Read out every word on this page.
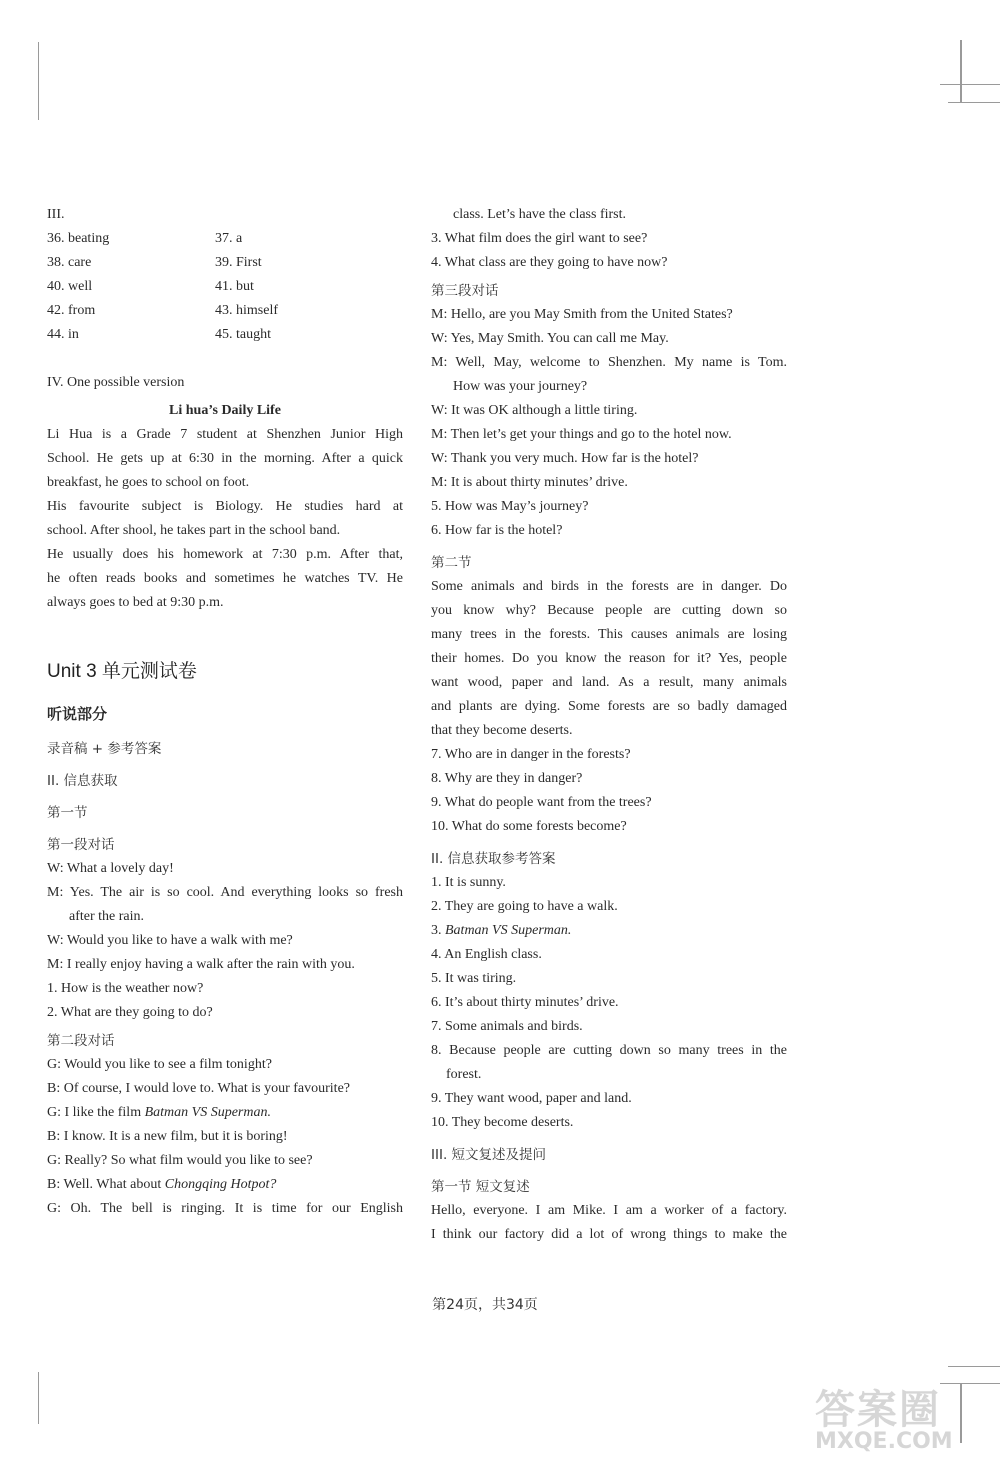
III.
36. beating	37. a
38. care	39. First
40. well	41. but
42. from	43. himself
44. in	45. taught
IV. One possible version
Li hua’s Daily Life
Li Hua is a Grade 7 student at Shenzhen Junior High
School. He gets up at 6:30 in the morning. After a quick
breakfast, he goes to school on foot.
His favourite subject is Biology. He studies hard at
school. After shool, he takes part in the school band.
He usually does his homework at 7:30 p.m. After that,
he often reads books and sometimes he watches TV. He
always goes to bed at 9:30 p.m.
Unit 3 单元测试卷
听说部分
录音稿 + 参考答案
II. 信息获取
第一节
第一段对话
W: What a lovely day!
M: Yes. The air is so cool. And everything looks so fresh
after the rain.
W: Would you like to have a walk with me?
M: I really enjoy having a walk after the rain with you.
1. How is the weather now?
2. What are they going to do?
第二段对话
G: Would you like to see a film tonight?
B: Of course, I would love to. What is your favourite?
G: I like the film Batman VS Superman.
B: I know. It is a new film, but it is boring!
G: Really? So what film would you like to see?
B: Well. What about Chongqing Hotpot?
G: Oh. The bell is ringing. It is time for our English
class. Let’s have the class first.
3. What film does the girl want to see?
4. What class are they going to have now?
第三段对话
M: Hello, are you May Smith from the United States?
W: Yes, May Smith. You can call me May.
M: Well, May, welcome to Shenzhen. My name is Tom.
How was your journey?
W: It was OK although a little tiring.
M: Then let’s get your things and go to the hotel now.
W: Thank you very much. How far is the hotel?
M: It is about thirty minutes’ drive.
5. How was May’s journey?
6. How far is the hotel?
第二节
Some animals and birds in the forests are in danger. Do
you know why? Because people are cutting down so
many trees in the forests. This causes animals are losing
their homes. Do you know the reason for it? Yes, people
want wood, paper and land. As a result, many animals
and plants are dying. Some forests are so badly damaged
that they become deserts.
7. Who are in danger in the forests?
8. Why are they in danger?
9. What do people want from the trees?
10. What do some forests become?
II. 信息获取参考答案
1. It is sunny.
2. They are going to have a walk.
3. Batman VS Superman.
4. An English class.
5. It was tiring.
6. It’s about thirty minutes’ drive.
7. Some animals and birds.
8. Because people are cutting down so many trees in the
forest.
9. They want wood, paper and land.
10. They become deserts.
III. 短文复述及提问
第一节 短文复述
Hello, everyone. I am Mike. I am a worker of a factory.
I think our factory did a lot of wrong things to make the
第24页，共34页
答案圈
MXQE.COM
